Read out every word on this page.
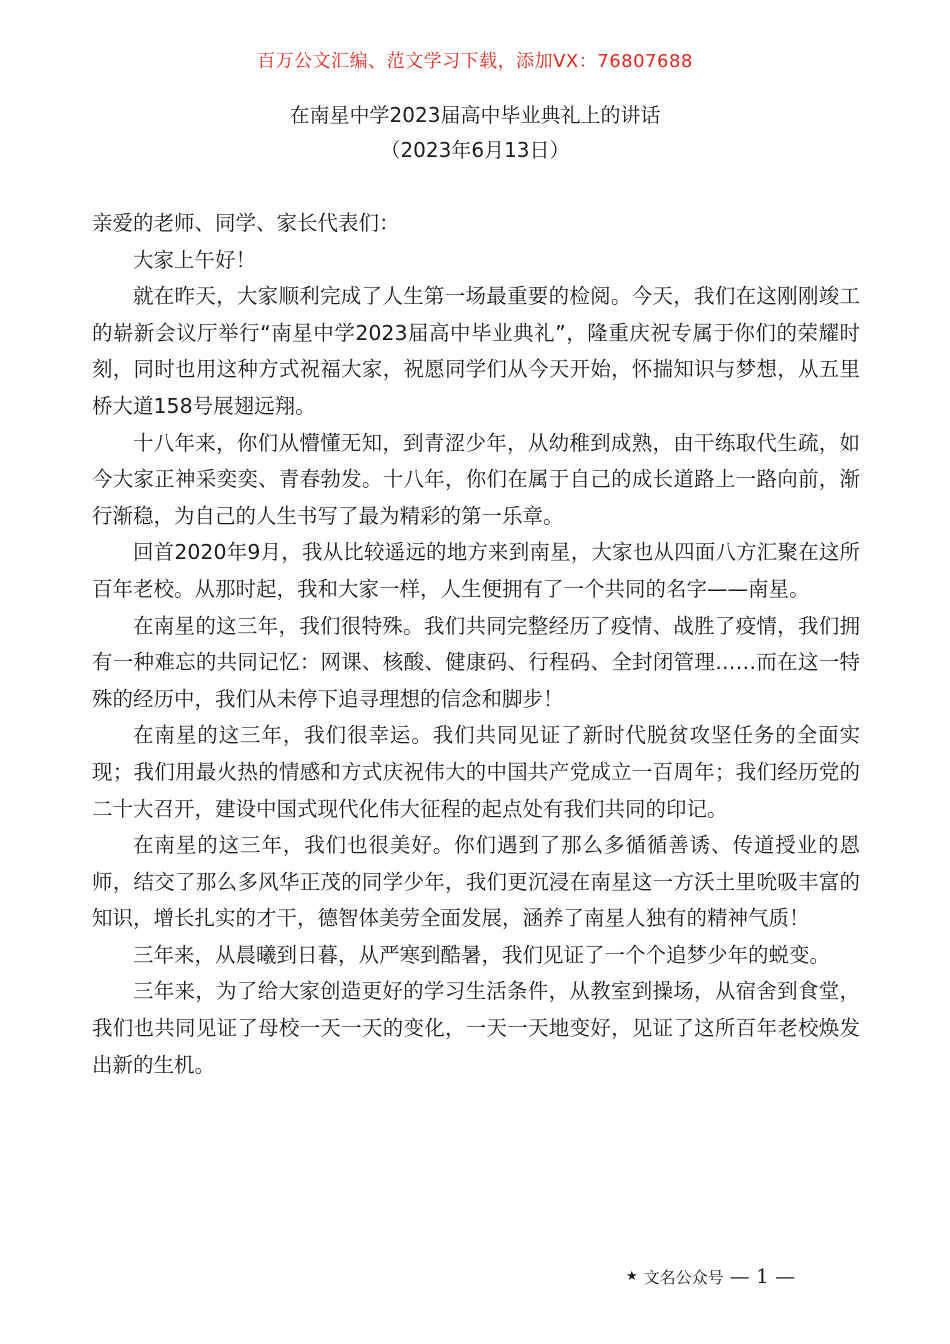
百万公文汇编、范文学习下载，添加VX：76807688
在南星中学2023届高中毕业典礼上的讲话
（2023年6月13日）

亲爱的老师、同学、家长代表们：

大家上午好！

就在昨天，大家顺利完成了人生第一场最重要的检阅。今天，我们在这刚刚竣工的崭新会议厅举行“南星中学2023届高中毕业典礼”，隆重庆祝专属于你们的荣耀时刻，同时也用这种方式祝福大家，祝愿同学们从今天开始，怀揣知识与梦想，从五里桥大道158号展翅远翔。

十八年来，你们从懵懂无知，到青涩少年，从幼稚到成熟，由干练取代生疏，如今大家正神采奕奕、青春勃发。十八年，你们在属于自己的成长道路上一路向前，渐行渐稳，为自己的人生书写了最为精彩的第一乐章。

回首2020年9月，我从比较遥远的地方来到南星，大家也从四面八方汇聚在这所百年老校。从那时起，我和大家一样，人生便拥有了一个共同的名字——南星。

在南星的这三年，我们很特殊。我们共同完整经历了疫情、战胜了疫情，我们拥有一种难忘的共同记忆：网课、核酸、健康码、行程码、全封闭管理……而在这一特殊的经历中，我们从未停下追寻理想的信念和脚步！

在南星的这三年，我们很幸运。我们共同见证了新时代脱贫攻坚任务的全面实现；我们用最火热的情感和方式庆祝伟大的中国共产党成立一百周年；我们经历党的二十大召开，建设中国式现代化伟大征程的起点处有我们共同的印记。

在南星的这三年，我们也很美好。你们遇到了那么多循循善诱、传道授业的恩师，结交了那么多风华正茂的同学少年，我们更沉浸在南星这一方沃土里吮吸丰富的知识，增长扎实的才干，德智体美劳全面发展，涵养了南星人独有的精神气质！

三年来，从晨曦到日暮，从严寒到酷暑，我们见证了一个个追梦少年的蜕变。

三年来，为了给大家创造更好的学习生活条件，从教室到操场，从宿舍到食堂，我们也共同见证了母校一天一天的变化，一天一天地变好，见证了这所百年老校焕发出新的生机。

★ 文名公众号 — 1 —
